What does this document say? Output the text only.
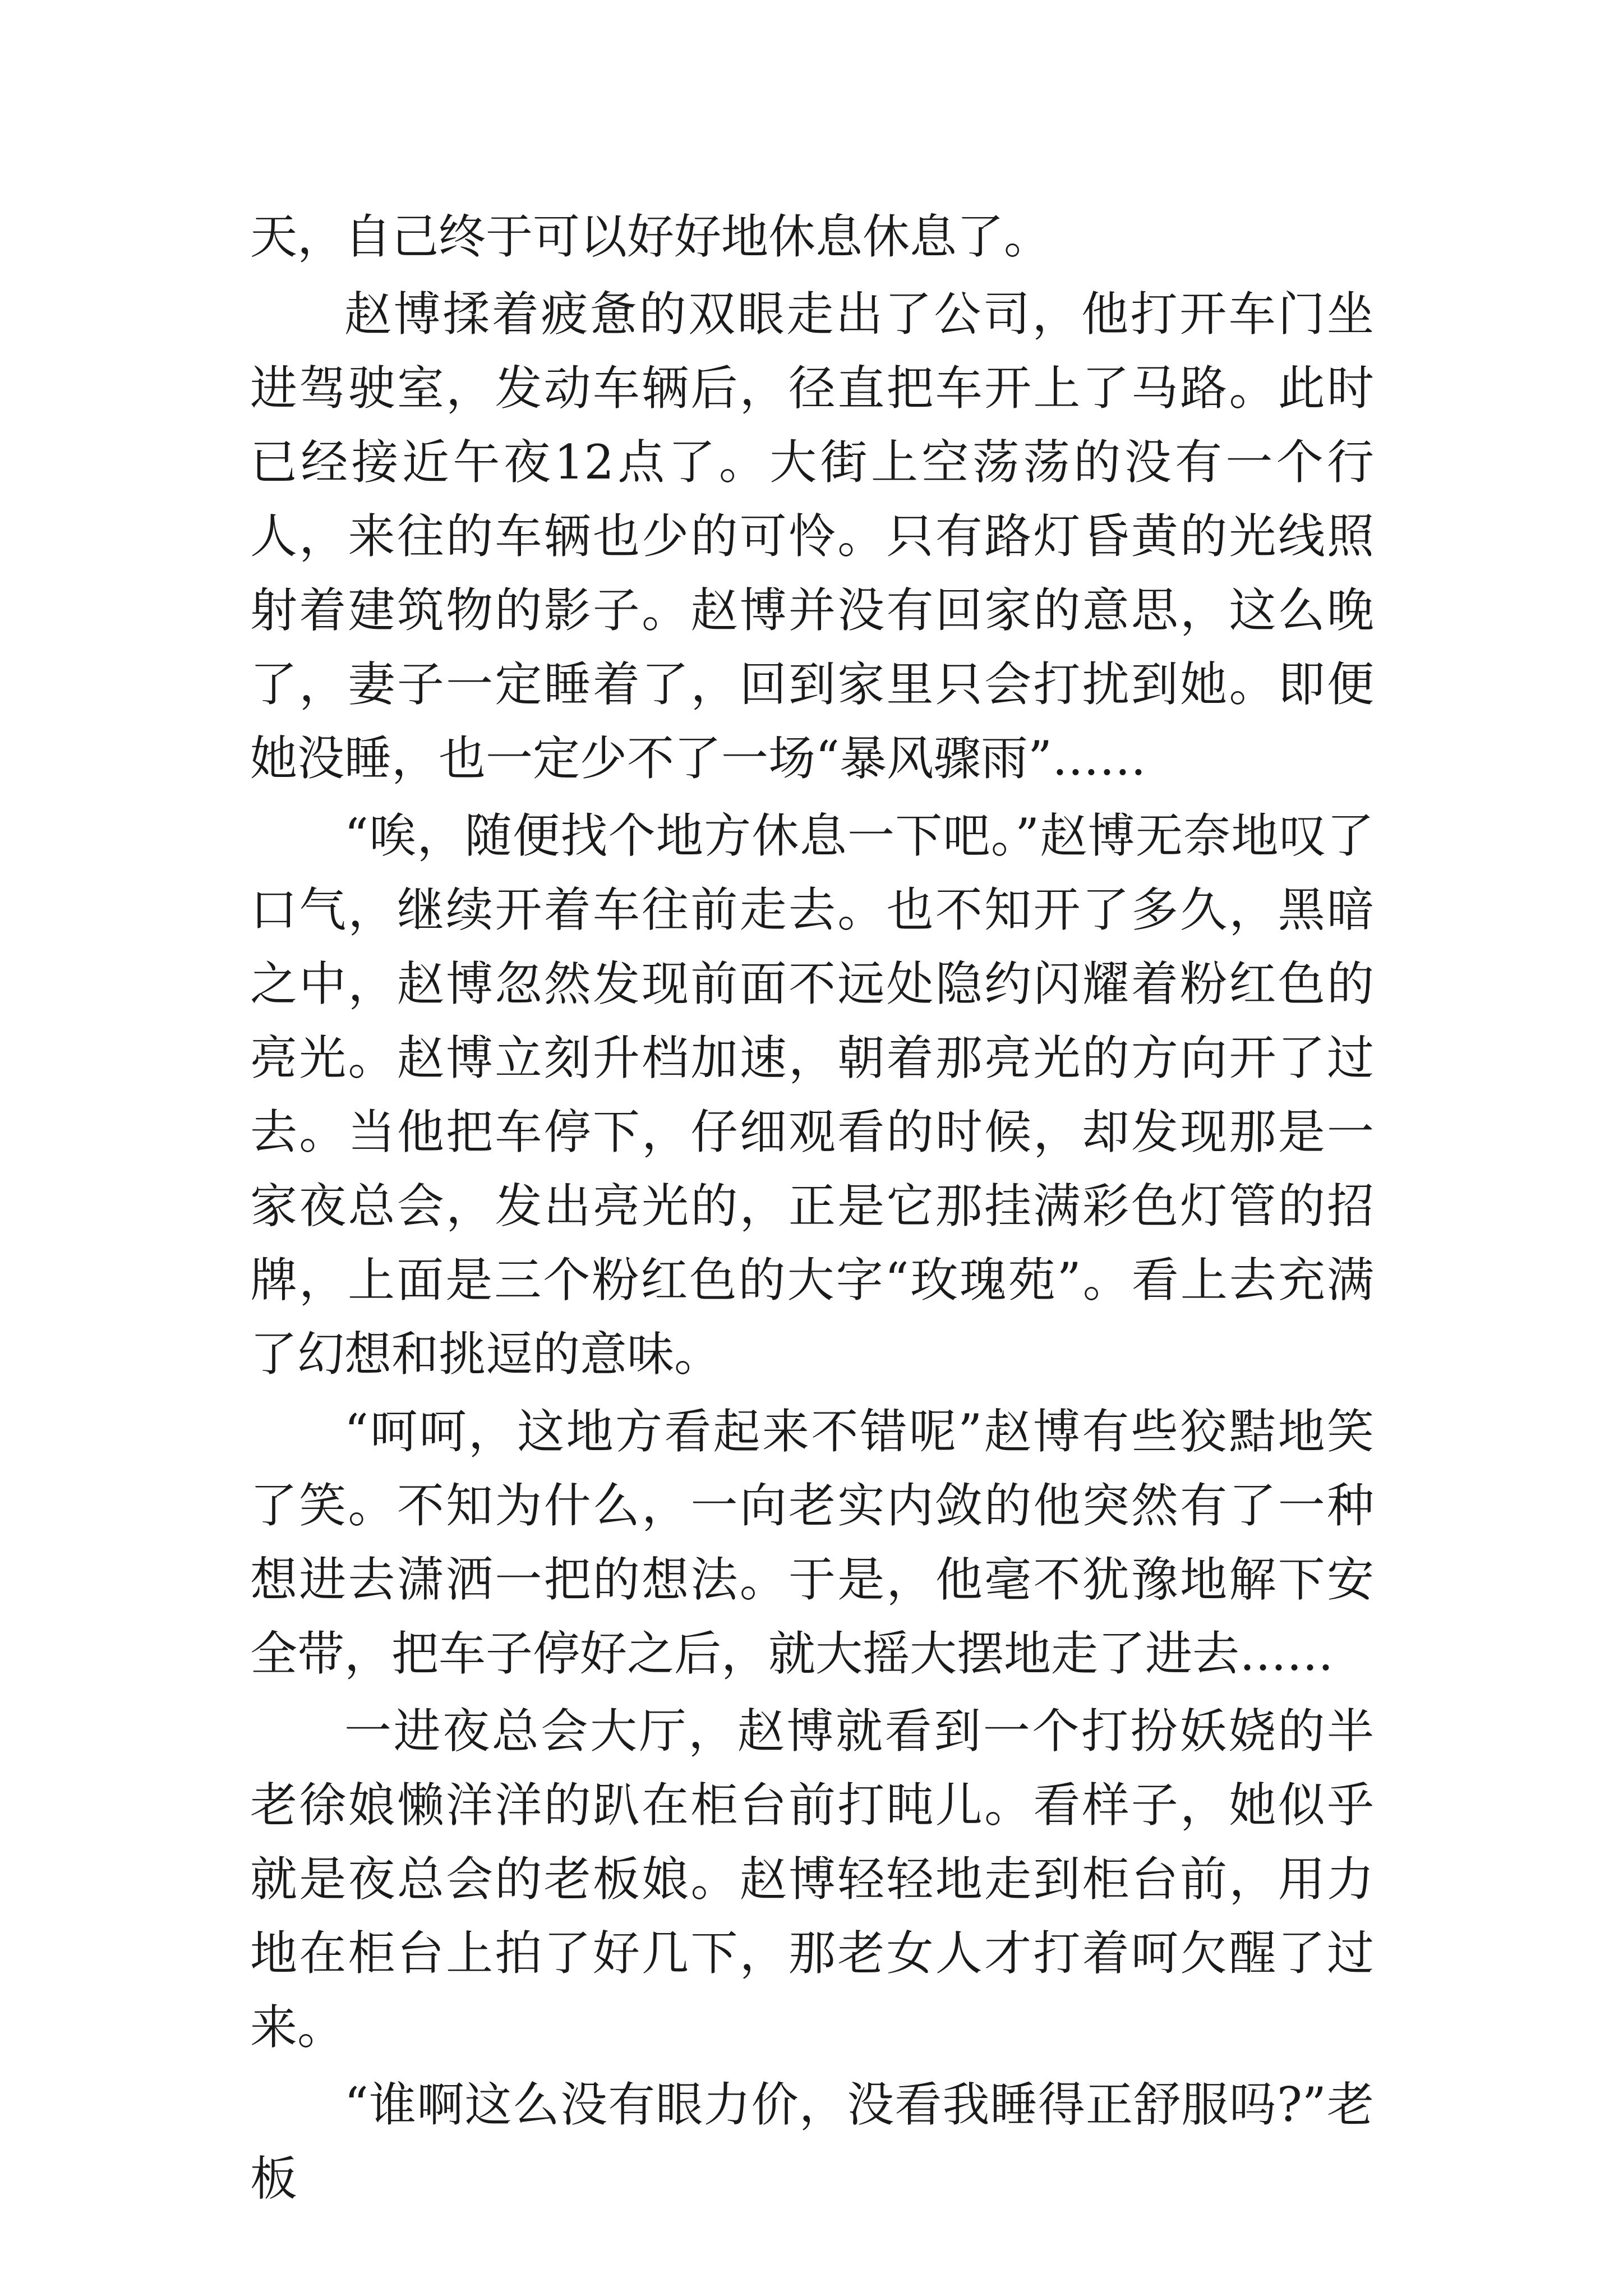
天，自己终于可以好好地休息休息了。

赵博揉着疲惫的双眼走出了公司，他打开车门坐进驾驶室，发动车辆后，径直把车开上了马路。此时已经接近午夜12点了。大街上空荡荡的没有一个行人，来往的车辆也少的可怜。只有路灯昏黄的光线照射着建筑物的影子。赵博并没有回家的意思，这么晚了，妻子一定睡着了，回到家里只会打扰到她。即便她没睡，也一定少不了一场“暴风骤雨”……

“唉，随便找个地方休息一下吧。”赵博无奈地叹了口气，继续开着车往前走去。也不知开了多久，黑暗之中，赵博忽然发现前面不远处隐约闪耀着粉红色的亮光。赵博立刻升档加速，朝着那亮光的方向开了过去。当他把车停下，仔细观看的时候，却发现那是一家夜总会，发出亮光的，正是它那挂满彩色灯管的招牌，上面是三个粉红色的大字“玫瑰苑”。看上去充满了幻想和挑逗的意味。

“呵呵，这地方看起来不错呢”赵博有些狡黠地笑了笑。不知为什么，一向老实内敛的他突然有了一种想进去潇洒一把的想法。于是，他毫不犹豫地解下安全带，把车子停好之后，就大摇大摆地走了进去……

一进夜总会大厅，赵博就看到一个打扮妖娆的半老徐娘懒洋洋的趴在柜台前打盹儿。看样子，她似乎就是夜总会的老板娘。赵博轻轻地走到柜台前，用力地在柜台上拍了好几下，那老女人才打着呵欠醒了过来。

“谁啊这么没有眼力价，没看我睡得正舒服吗?”老板
